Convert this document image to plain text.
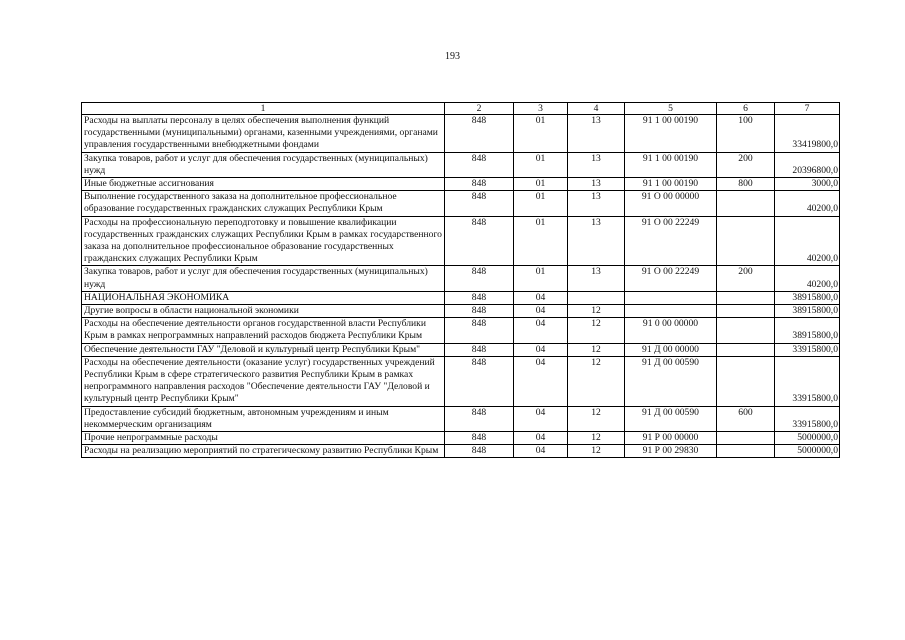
193
1	2	3	4	5	6	7
Расходы на выплаты персоналу в целях обеспечения выполнения функций государственными (муниципальными) органами, казенными учреждениями, органами управления государственными внебюджетными фондами	848	01	13	91 1 00 00190	100	33419800,0
Закупка товаров, работ и услуг для обеспечения государственных (муниципальных) нужд	848	01	13	91 1 00 00190	200	20396800,0
Иные бюджетные ассигнования	848	01	13	91 1 00 00190	800	3000,0
Выполнение государственного заказа на дополнительное профессиональное образование государственных гражданских служащих Республики Крым	848	01	13	91 О 00 00000		40200,0
Расходы на профессиональную переподготовку и повышение квалификации государственных гражданских служащих Республики Крым в рамках государственного заказа на дополнительное профессиональное образование государственных гражданских служащих Республики Крым	848	01	13	91 О 00 22249		40200,0
Закупка товаров, работ и услуг для обеспечения государственных (муниципальных) нужд	848	01	13	91 О 00 22249	200	40200,0
НАЦИОНАЛЬНАЯ ЭКОНОМИКА	848	04				38915800,0
Другие вопросы в области национальной экономики	848	04	12			38915800,0
Расходы на обеспечение деятельности органов государственной власти Республики Крым в рамках непрограммных направлений расходов бюджета Республики Крым	848	04	12	91 0 00 00000		38915800,0
Обеспечение деятельности ГАУ "Деловой и культурный центр Республики Крым"	848	04	12	91 Д 00 00000		33915800,0
Расходы на обеспечение деятельности (оказание услуг) государственных учреждений Республики Крым в сфере стратегического развития Республики Крым в рамках непрограммного направления расходов "Обеспечение деятельности ГАУ "Деловой и культурный центр Республики Крым"	848	04	12	91 Д 00 00590		33915800,0
Предоставление субсидий бюджетным, автономным учреждениям и иным некоммерческим организациям	848	04	12	91 Д 00 00590	600	33915800,0
Прочие непрограммные расходы	848	04	12	91 Р 00 00000		5000000,0
Расходы на реализацию мероприятий по стратегическому развитию Республики Крым	848	04	12	91 Р 00 29830		5000000,0
